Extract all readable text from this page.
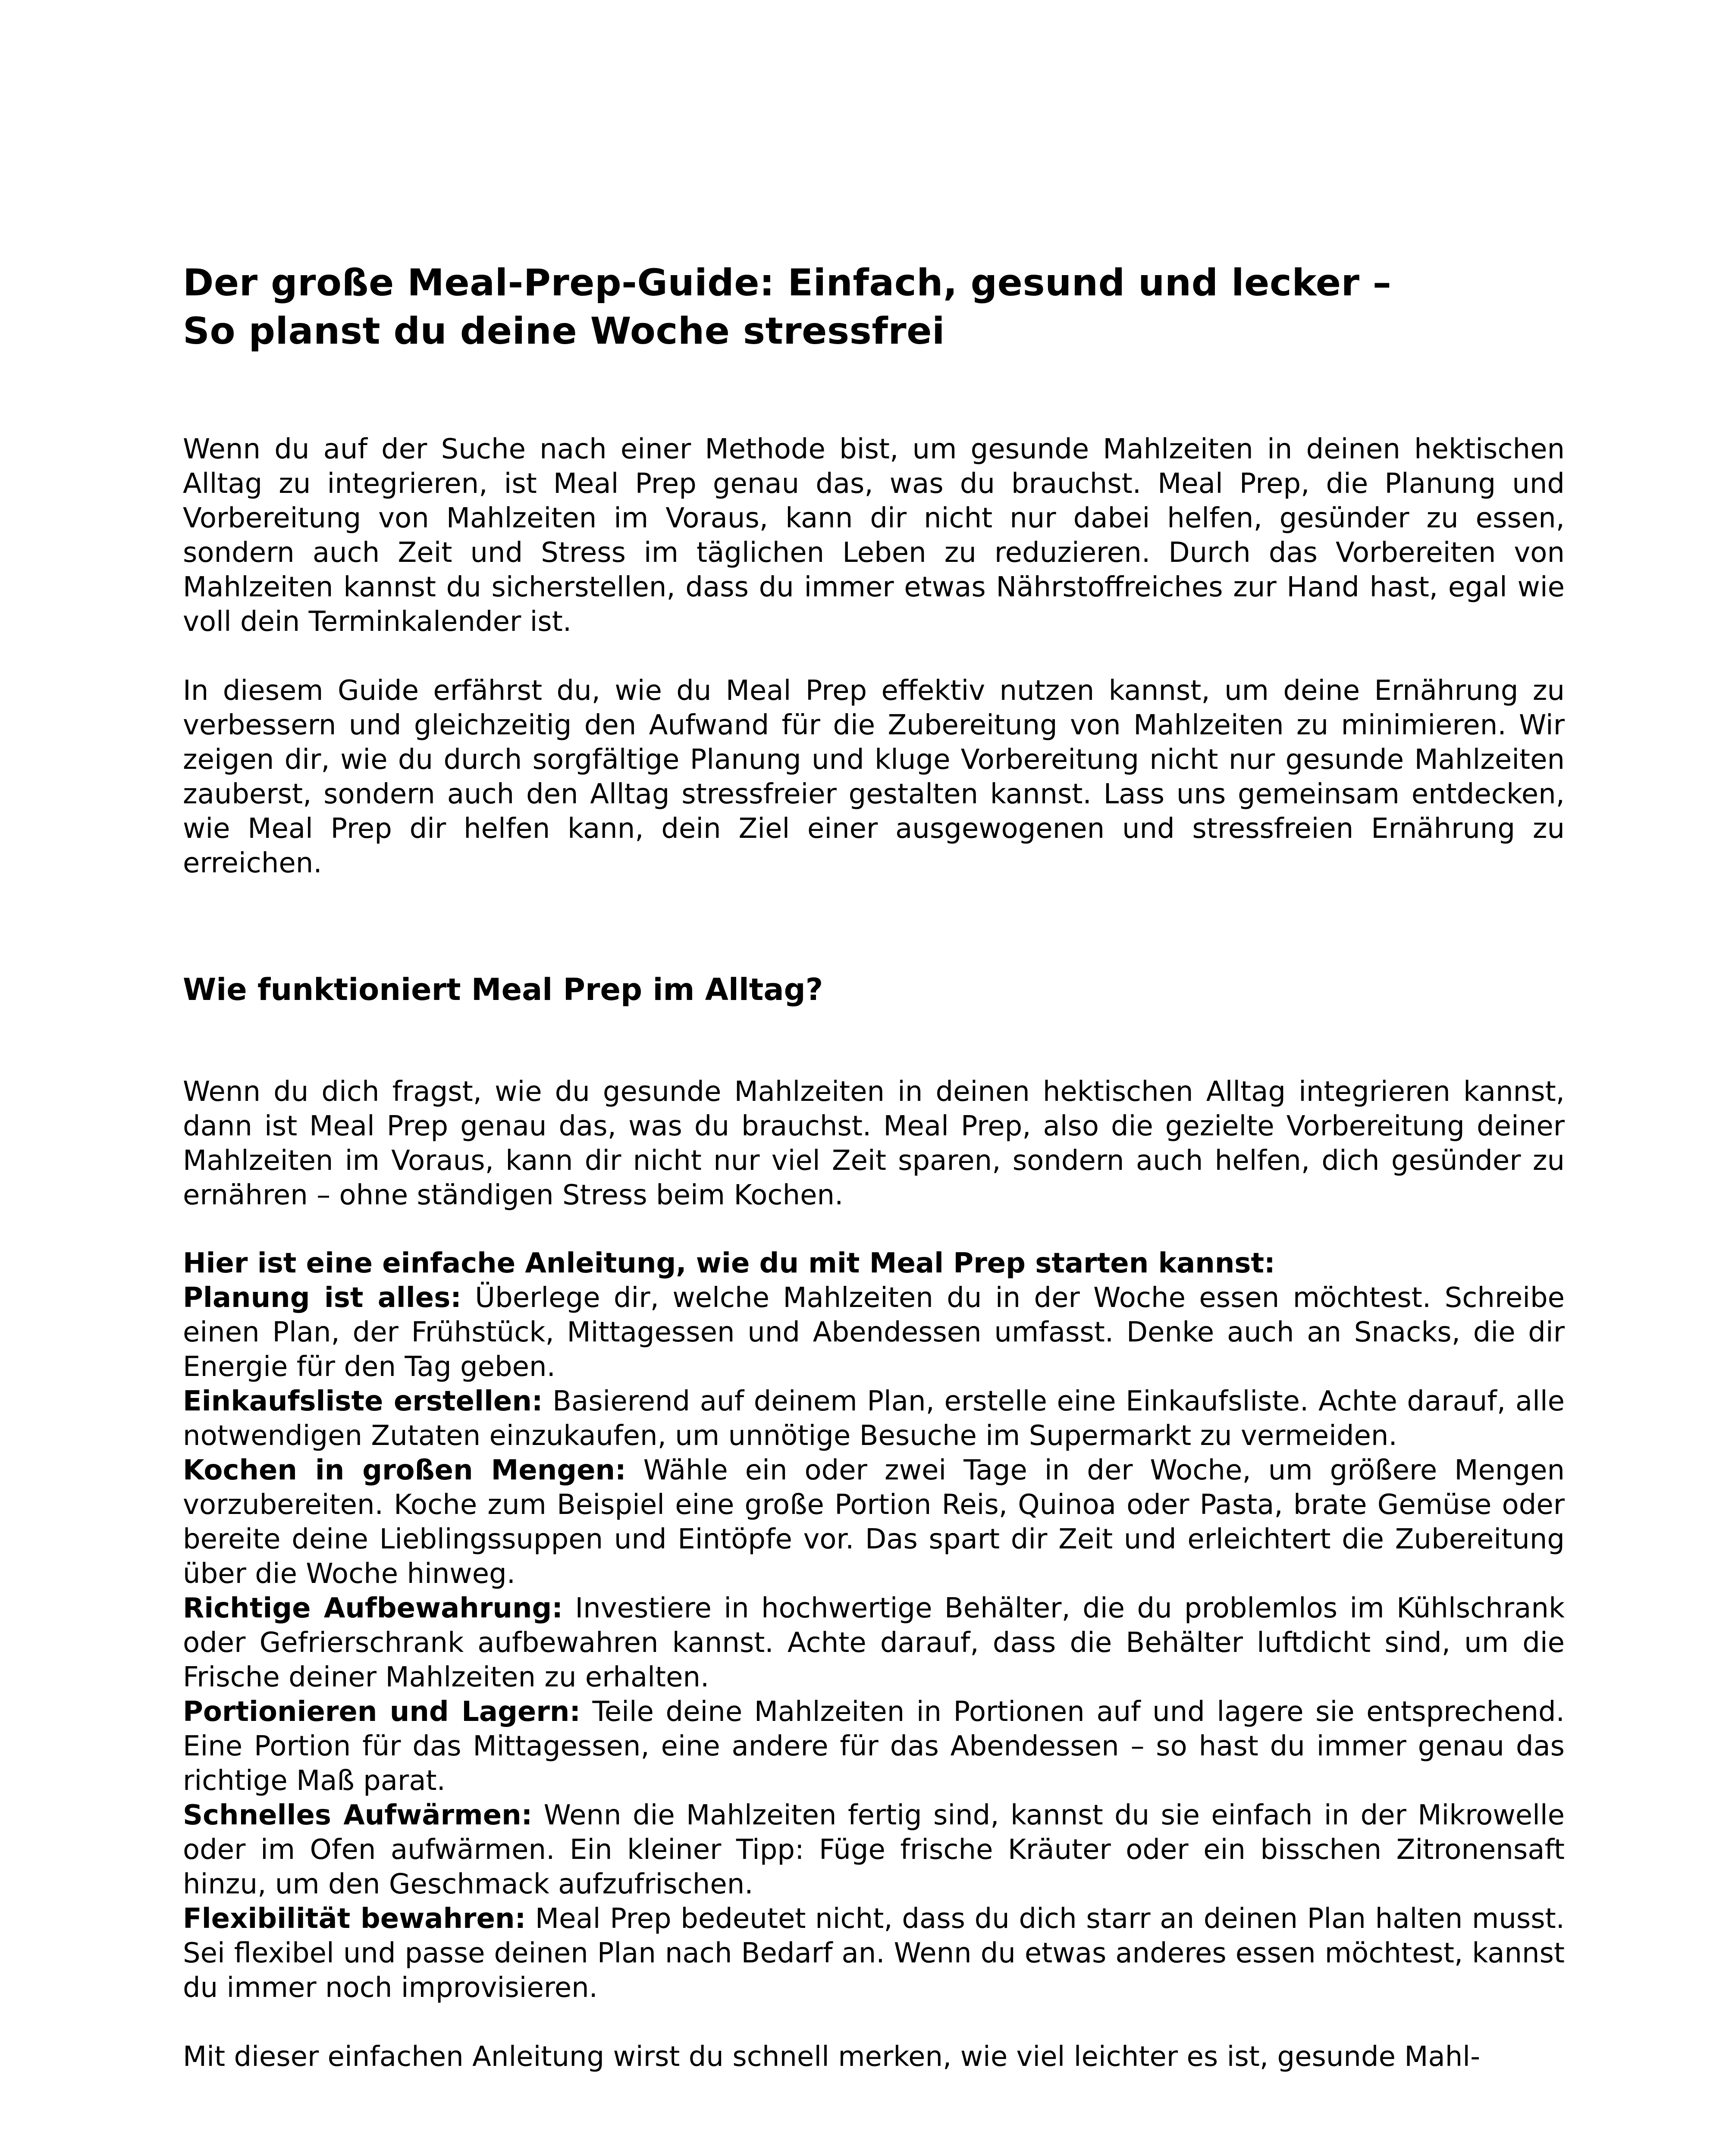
Der große Meal-Prep-Guide: Einfach, gesund und lecker –
So planst du deine Woche stressfrei

Wenn du auf der Suche nach einer Methode bist, um gesunde Mahlzeiten in deinen hektischen Alltag zu integrieren, ist Meal Prep genau das, was du brauchst. Meal Prep, die Planung und Vorbereitung von Mahlzeiten im Voraus, kann dir nicht nur dabei helfen, gesünder zu essen, sondern auch Zeit und Stress im täglichen Leben zu reduzieren. Durch das Vorbereiten von Mahlzeiten kannst du sicherstellen, dass du immer etwas Nährstoffreiches zur Hand hast, egal wie voll dein Terminkalender ist.

In diesem Guide erfährst du, wie du Meal Prep effektiv nutzen kannst, um deine Ernährung zu verbessern und gleichzeitig den Aufwand für die Zubereitung von Mahlzeiten zu minimieren. Wir zeigen dir, wie du durch sorgfältige Planung und kluge Vorbereitung nicht nur gesunde Mahlzeiten zauberst, sondern auch den Alltag stressfreier gestalten kannst. Lass uns gemeinsam entdecken, wie Meal Prep dir helfen kann, dein Ziel einer ausgewogenen und stressfreien Ernährung zu erreichen.

Wie funktioniert Meal Prep im Alltag?

Wenn du dich fragst, wie du gesunde Mahlzeiten in deinen hektischen Alltag integrieren kannst, dann ist Meal Prep genau das, was du brauchst. Meal Prep, also die gezielte Vorbereitung deiner Mahlzeiten im Voraus, kann dir nicht nur viel Zeit sparen, sondern auch helfen, dich gesünder zu ernähren – ohne ständigen Stress beim Kochen.

Hier ist eine einfache Anleitung, wie du mit Meal Prep starten kannst:

Planung ist alles: Überlege dir, welche Mahlzeiten du in der Woche essen möchtest. Schreibe einen Plan, der Frühstück, Mittagessen und Abendessen umfasst. Denke auch an Snacks, die dir Energie für den Tag geben.

Einkaufsliste erstellen: Basierend auf deinem Plan, erstelle eine Einkaufsliste. Achte darauf, alle notwendigen Zutaten einzukaufen, um unnötige Besuche im Supermarkt zu vermeiden.

Kochen in großen Mengen: Wähle ein oder zwei Tage in der Woche, um größere Mengen vorzubereiten. Koche zum Beispiel eine große Portion Reis, Quinoa oder Pasta, brate Gemüse oder bereite deine Lieblingssuppen und Eintöpfe vor. Das spart dir Zeit und erleichtert die Zubereitung über die Woche hinweg.

Richtige Aufbewahrung: Investiere in hochwertige Behälter, die du problemlos im Kühlschrank oder Gefrierschrank aufbewahren kannst. Achte darauf, dass die Behälter luftdicht sind, um die Frische deiner Mahlzeiten zu erhalten.

Portionieren und Lagern: Teile deine Mahlzeiten in Portionen auf und lagere sie entsprechend. Eine Portion für das Mittagessen, eine andere für das Abendessen – so hast du immer genau das richtige Maß parat.

Schnelles Aufwärmen: Wenn die Mahlzeiten fertig sind, kannst du sie einfach in der Mikrowelle oder im Ofen aufwärmen. Ein kleiner Tipp: Füge frische Kräuter oder ein bisschen Zitronensaft hinzu, um den Geschmack aufzufrischen.

Flexibilität bewahren: Meal Prep bedeutet nicht, dass du dich starr an deinen Plan halten musst. Sei flexibel und passe deinen Plan nach Bedarf an. Wenn du etwas anderes essen möchtest, kannst du immer noch improvisieren.

Mit dieser einfachen Anleitung wirst du schnell merken, wie viel leichter es ist, gesunde Mahl-
